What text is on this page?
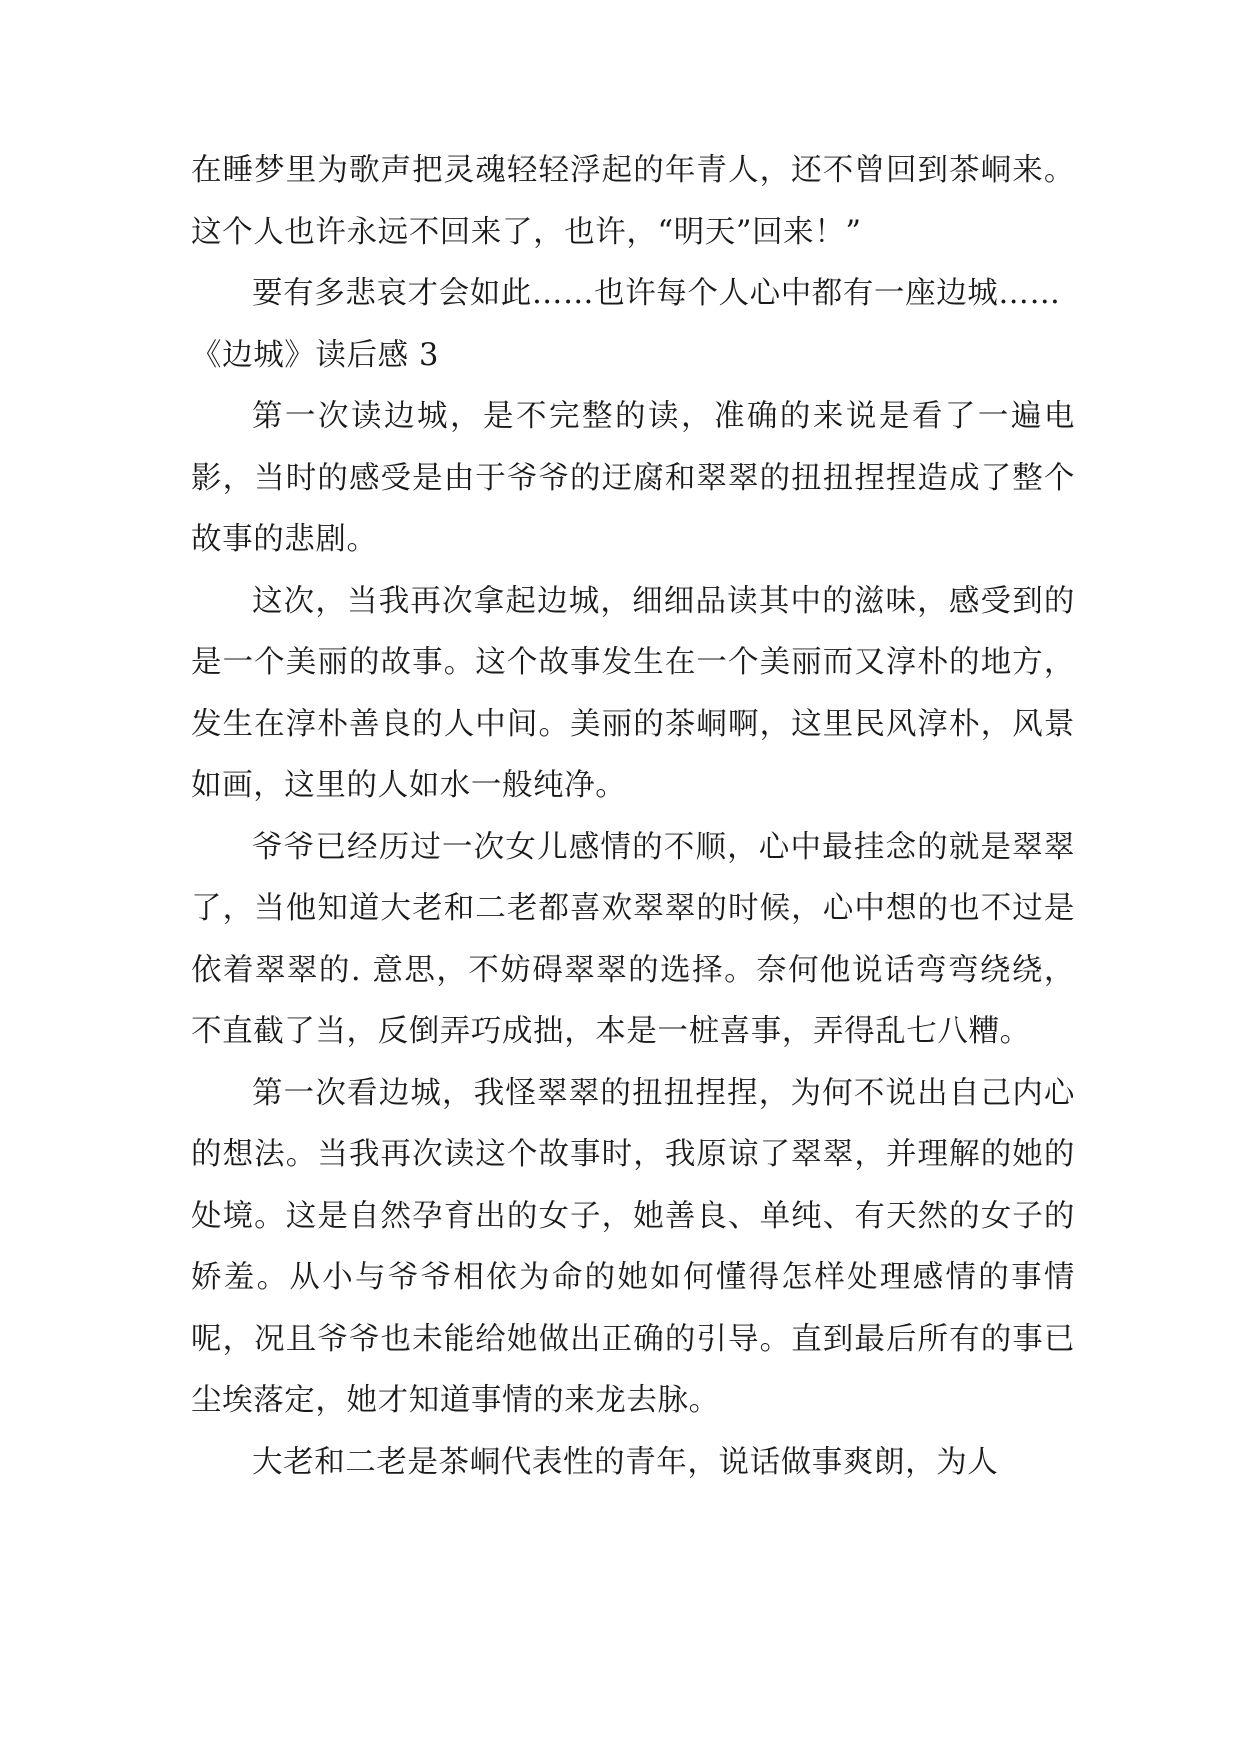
在睡梦里为歌声把灵魂轻轻浮起的年青人，还不曾回到茶峒来。这个人也许永远不回来了，也许，“明天”回来！”

要有多悲哀才会如此……也许每个人心中都有一座边城……

《边城》读后感 3

第一次读边城，是不完整的读，准确的来说是看了一遍电影，当时的感受是由于爷爷的迂腐和翠翠的扭扭捏捏造成了整个故事的悲剧。

这次，当我再次拿起边城，细细品读其中的滋味，感受到的是一个美丽的故事。这个故事发生在一个美丽而又淳朴的地方，发生在淳朴善良的人中间。美丽的茶峒啊，这里民风淳朴，风景如画，这里的人如水一般纯净。

爷爷已经历过一次女儿感情的不顺，心中最挂念的就是翠翠了，当他知道大老和二老都喜欢翠翠的时候，心中想的也不过是依着翠翠的. 意思，不妨碍翠翠的选择。奈何他说话弯弯绕绕，不直截了当，反倒弄巧成拙，本是一桩喜事，弄得乱七八糟。

第一次看边城，我怪翠翠的扭扭捏捏，为何不说出自己内心的想法。当我再次读这个故事时，我原谅了翠翠，并理解的她的处境。这是自然孕育出的女子，她善良、单纯、有天然的女子的娇羞。从小与爷爷相依为命的她如何懂得怎样处理感情的事情呢，况且爷爷也未能给她做出正确的引导。直到最后所有的事已尘埃落定，她才知道事情的来龙去脉。

大老和二老是茶峒代表性的青年，说话做事爽朗，为人
